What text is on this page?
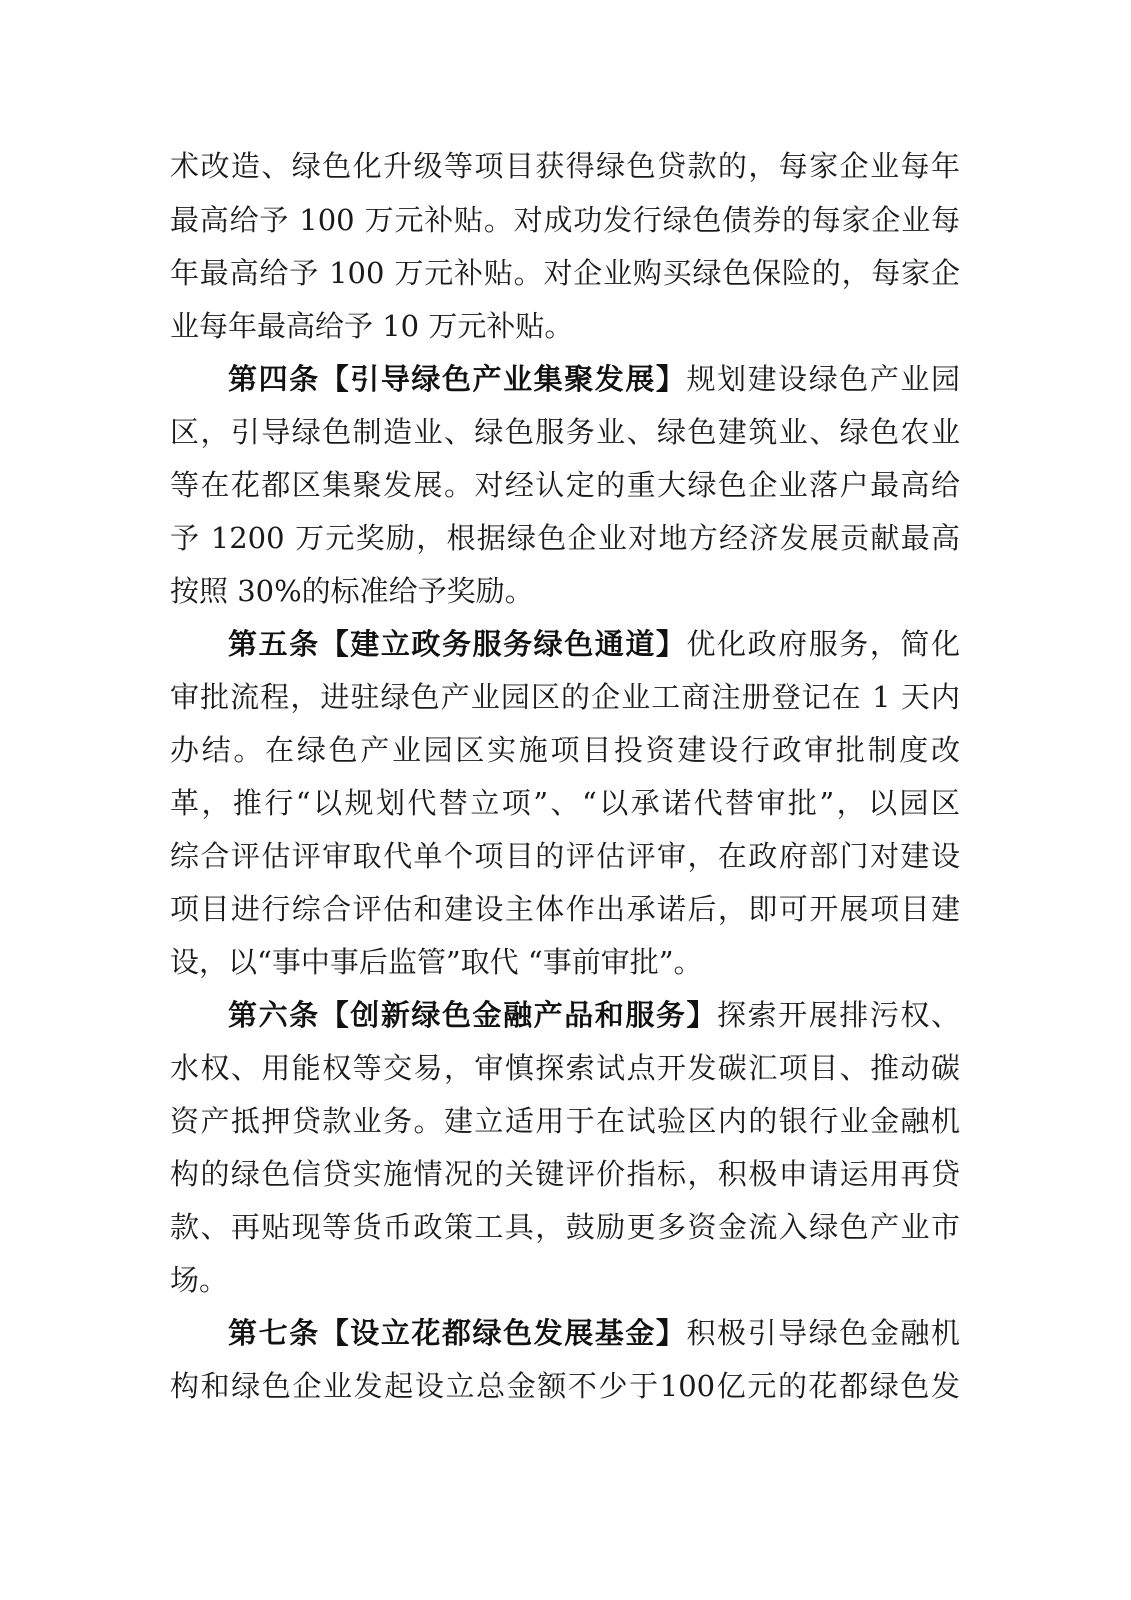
术改造、绿色化升级等项目获得绿色贷款的，每家企业每年
最高给予 100 万元补贴。对成功发行绿色债券的每家企业每
年最高给予 100 万元补贴。对企业购买绿色保险的，每家企
业每年最高给予 10 万元补贴。
第四条【引导绿色产业集聚发展】规划建设绿色产业园
区，引导绿色制造业、绿色服务业、绿色建筑业、绿色农业
等在花都区集聚发展。对经认定的重大绿色企业落户最高给
予 1200 万元奖励，根据绿色企业对地方经济发展贡献最高
按照 30%的标准给予奖励。
第五条【建立政务服务绿色通道】优化政府服务，简化
审批流程，进驻绿色产业园区的企业工商注册登记在 1 天内
办结。在绿色产业园区实施项目投资建设行政审批制度改
革，推行“以规划代替立项”、“以承诺代替审批”，以园区
综合评估评审取代单个项目的评估评审，在政府部门对建设
项目进行综合评估和建设主体作出承诺后，即可开展项目建
设，以“事中事后监管”取代 “事前审批”。
第六条【创新绿色金融产品和服务】探索开展排污权、
水权、用能权等交易，审慎探索试点开发碳汇项目、推动碳
资产抵押贷款业务。建立适用于在试验区内的银行业金融机
构的绿色信贷实施情况的关键评价指标，积极申请运用再贷
款、再贴现等货币政策工具，鼓励更多资金流入绿色产业市
场。
第七条【设立花都绿色发展基金】积极引导绿色金融机
构和绿色企业发起设立总金额不少于100亿元的花都绿色发
